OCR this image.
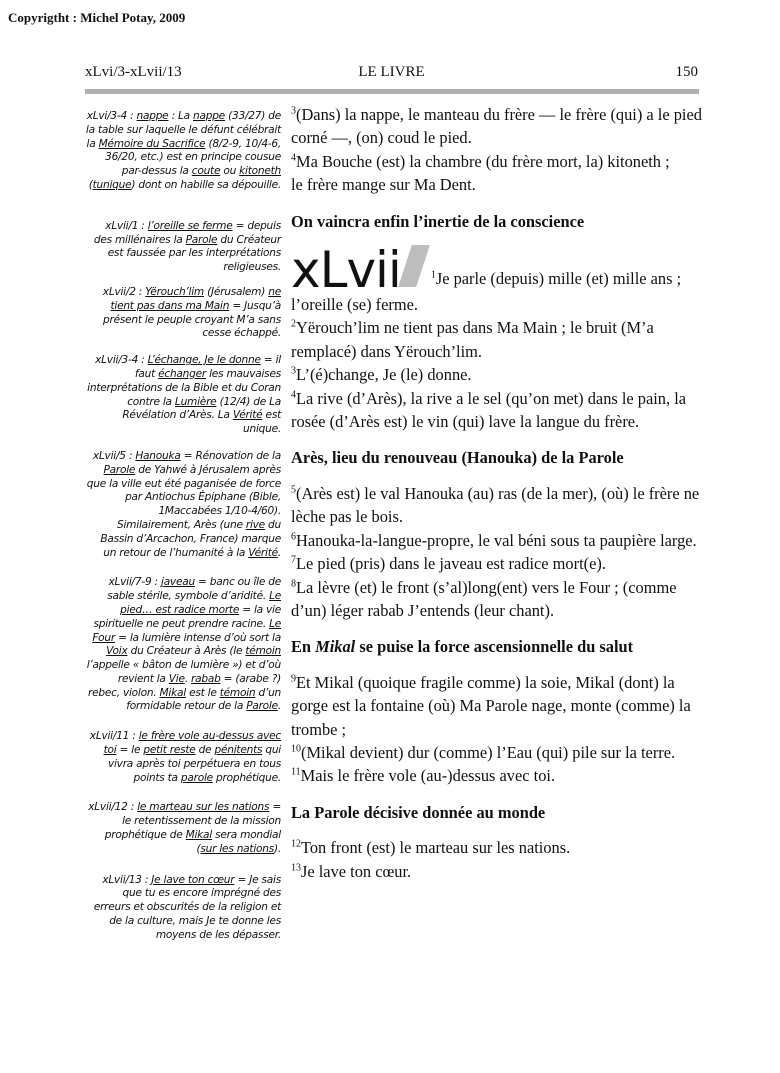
Copyrigtht : Michel Potay, 2009
xLvi/3-xLvii/13	LE LIVRE	150

xLvi/3-4 : nappe : La nappe (33/27) de la table sur laquelle le défunt célébrait la Mémoire du Sacrifice (8/2-9, 10/4-6, 36/20, etc.) est en principe cousue par-dessus la coute ou kitoneth (tunique) dont on habille sa dépouille.

xLvii/1 : l’oreille se ferme = depuis des millénaires la Parole du Créateur est faussée par les interprétations religieuses.

xLvii/2 : Yërouch’lim (Jérusalem) ne tient pas dans ma Main = Jusqu’à présent le peuple croyant M’a sans cesse échappé.

xLvii/3-4 : L’échange, Je le donne = il faut échanger les mauvaises interprétations de la Bible et du Coran contre la Lumière (12/4) de La Révélation d’Arès. La Vérité est unique.

xLvii/5 : Hanouka = Rénovation de la Parole de Yahwé à Jérusalem après que la ville eut été paganisée de force par Antiochus Épiphane (Bible, 1Maccabées 1/10-4/60). Similairement, Arès (une rive du Bassin d’Arcachon, France) marque un retour de l’humanité à la Vérité.

xLvii/7-9 : javeau = banc ou île de sable stérile, symbole d’aridité. Le pied… est radice morte = la vie spirituelle ne peut prendre racine. Le Four = la lumière intense d’où sort la Voix du Créateur à Arès (le témoin l’appelle « bâton de lumière ») et d’où revient la Vie. rabab = (arabe ?) rebec, violon. Mikal est le témoin d’un formidable retour de la Parole.

xLvii/11 : le frère vole au-dessus avec toi = le petit reste de pénitents qui vivra après toi perpétuera en tous points ta parole prophétique.

xLvii/12 : le marteau sur les nations = le retentissement de la mission prophétique de Mikal sera mondial (sur les nations).

xLvii/13 : Je lave ton cœur = Je sais que tu es encore imprégné des erreurs et obscurités de la religion et de la culture, mais Je te donne les moyens de les dépasser.

$^3$(Dans) la nappe, le manteau du frère — le frère (qui) a le pied corné —, (on) coud le pied.

$^4$Ma Bouche (est) la chambre (du frère mort, la) kitoneth ;

le frère mange sur Ma Dent.

On vaincra enfin l’inertie de la conscience

xLvii	$^1$Je parle (depuis) mille (et) mille ans ;

l’oreille (se) ferme.

$^2$Yërouch’lim ne tient pas dans Ma Main ; le bruit (M’a remplacé) dans Yërouch’lim.

$^3$L’(é)change, Je (le) donne.

$^4$La rive (d’Arès), la rive a le sel (qu’on met) dans le pain, la rosée (d’Arès est) le vin (qui) lave la langue du frère.

Arès, lieu du renouveau (Hanouka) de la Parole

$^5$(Arès est) le val Hanouka (au) ras (de la mer), (où) le frère ne lèche pas le bois.

$^6$Hanouka-la-langue-propre, le val béni sous ta paupière large.

$^7$Le pied (pris) dans le javeau est radice mort(e).

$^8$La lèvre (et) le front (s’al)long(ent) vers le Four ; (comme d’un) léger rabab J’entends (leur chant).

En Mikal se puise la force ascensionnelle du salut

$^9$Et Mikal (quoique fragile comme) la soie, Mikal (dont) la gorge est la fontaine (où) Ma Parole nage, monte (comme) la trombe ;

$^{10}$(Mikal devient) dur (comme) l’Eau (qui) pile sur la terre.

$^{11}$Mais le frère vole (au-)dessus avec toi.

La Parole décisive donnée au monde

$^{12}$Ton front (est) le marteau sur les nations.

$^{13}$Je lave ton cœur.
